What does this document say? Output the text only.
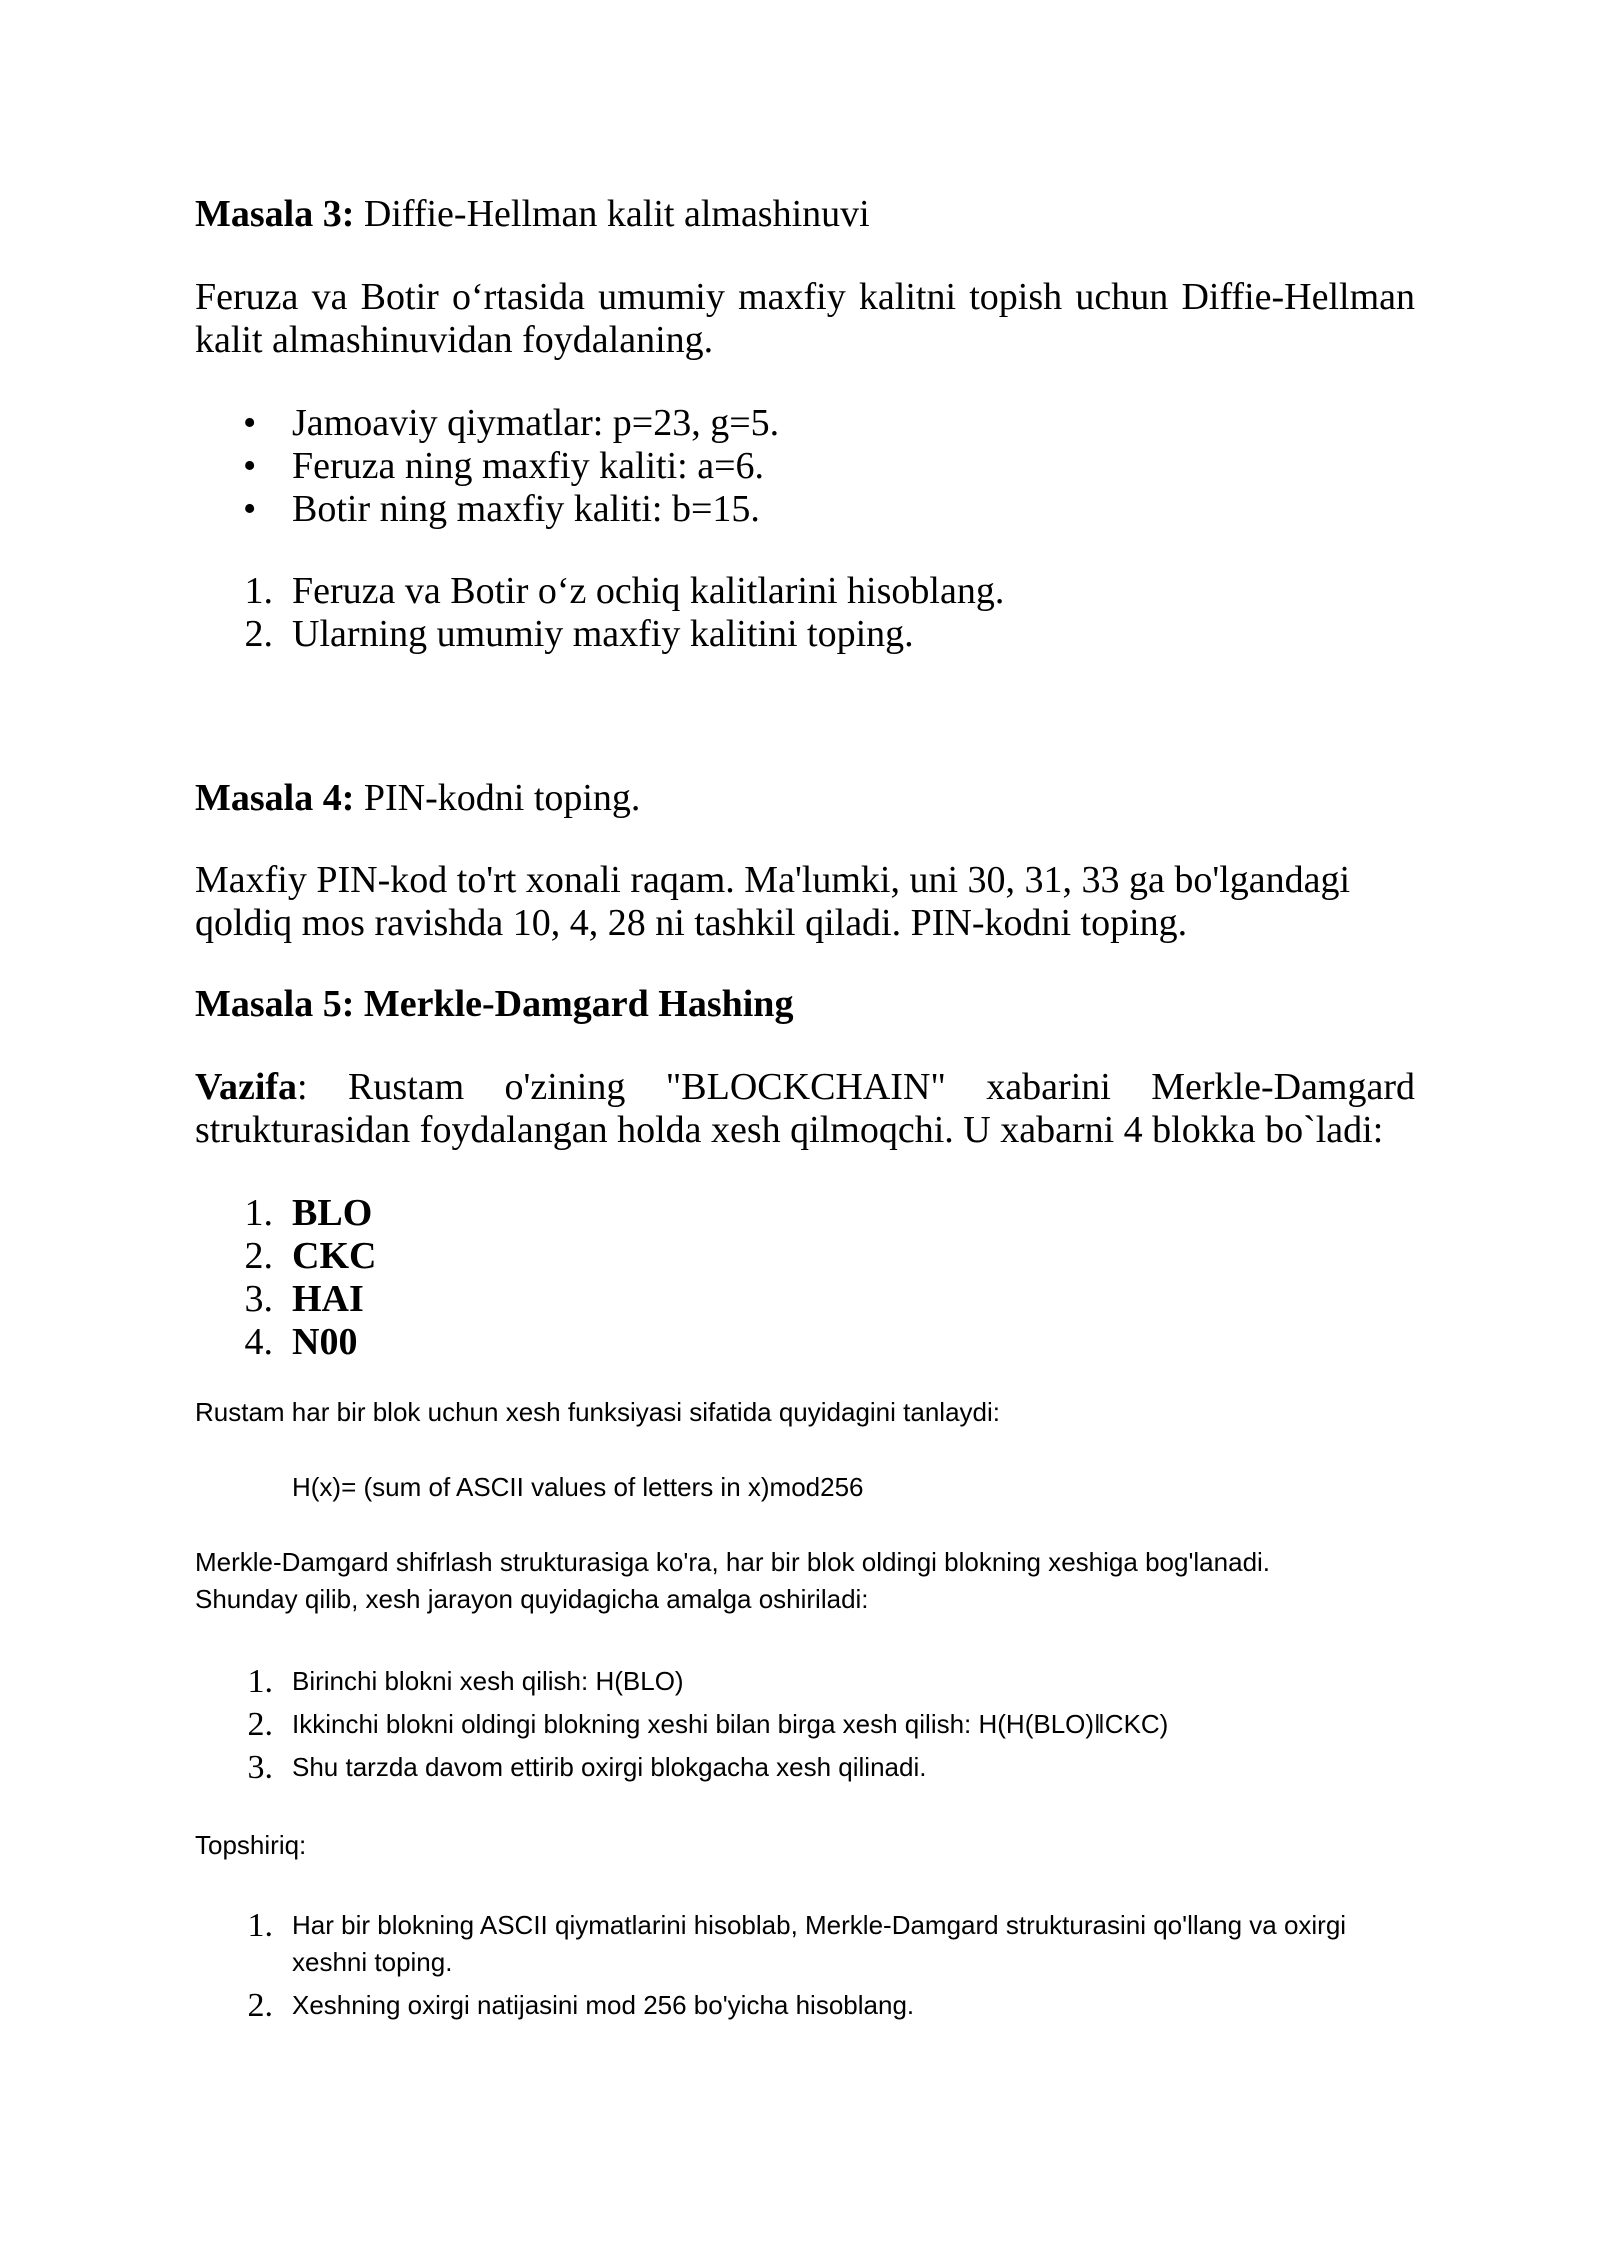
Masala 3: Diffie-Hellman kalit almashinuvi

Feruza va Botir o‘rtasida umumiy maxfiy kalitni topish uchun Diffie-Hellman

kalit almashinuvidan foydalaning.

• Jamoaviy qiymatlar: p=23, g=5.
• Feruza ning maxfiy kaliti: a=6.
• Botir ning maxfiy kaliti: b=15.
1. Feruza va Botir o‘z ochiq kalitlarini hisoblang.
2. Ularning umumiy maxfiy kalitini toping.

Masala 4: PIN-kodni toping.

Maxfiy PIN-kod to'rt xonali raqam. Ma'lumki, uni 30, 31, 33 ga bo'lgandagi

qoldiq mos ravishda 10, 4, 28 ni tashkil qiladi. PIN-kodni toping.

Masala 5: Merkle-Damgard Hashing

Vazifa: Rustam o'zining "BLOCKCHAIN" xabarini Merkle-Damgard

strukturasidan foydalangan holda xesh qilmoqchi. U xabarni 4 blokka bo`ladi:

1. BLO
2. CKC
3. HAI
4. N00

Rustam har bir blok uchun xesh funksiyasi sifatida quyidagini tanlaydi:

H(x)= (sum of ASCII values of letters in x)mod256

Merkle-Damgard shifrlash strukturasiga ko'ra, har bir blok oldingi blokning xeshiga bog'lanadi.

Shunday qilib, xesh jarayon quyidagicha amalga oshiriladi:

1. Birinchi blokni xesh qilish: H(BLO)
2. Ikkinchi blokni oldingi blokning xeshi bilan birga xesh qilish: H(H(BLO)‖CKC)
3. Shu tarzda davom ettirib oxirgi blokgacha xesh qilinadi.

Topshiriq:

1. Har bir blokning ASCII qiymatlarini hisoblab, Merkle-Damgard strukturasini qo'llang va oxirgi
xeshni toping.
2. Xeshning oxirgi natijasini mod 256 bo'yicha hisoblang.
